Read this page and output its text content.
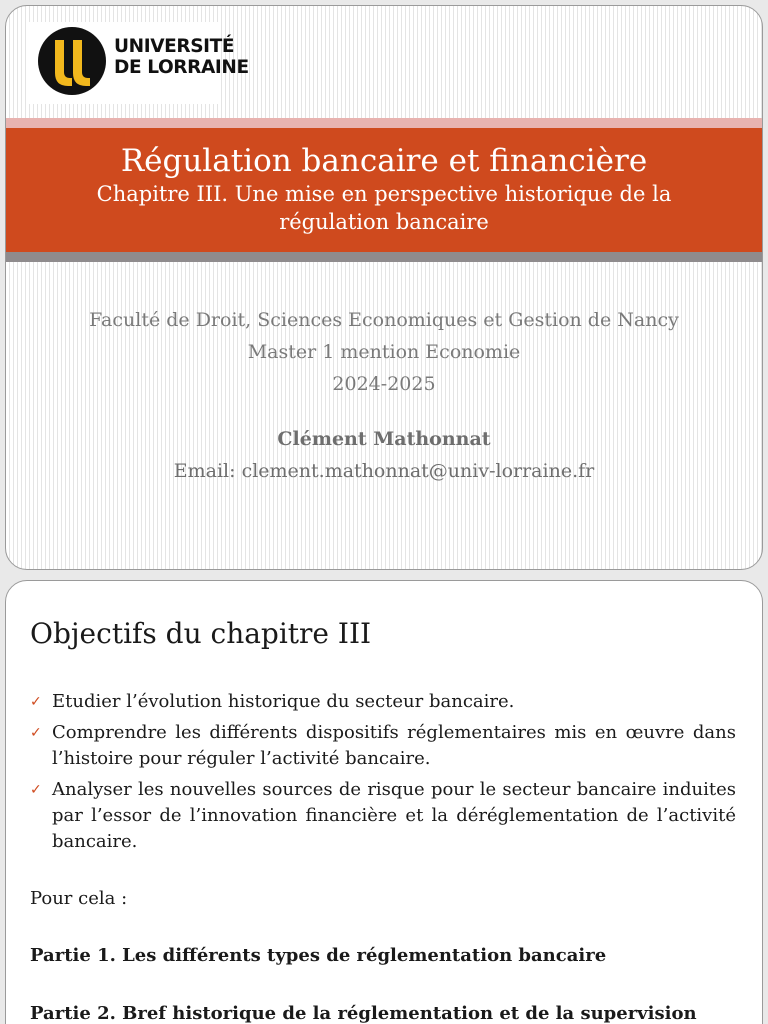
UNIVERSITÉ
DE LORRAINE
Régulation bancaire et financière

Chapitre III. Une mise en perspective historique de la régulation bancaire

Faculté de Droit, Sciences Economiques et Gestion de Nancy
Master 1 mention Economie
2024-2025
Clément Mathonnat
Email: clement.mathonnat@univ-lorraine.fr
Objectifs du chapitre III
✓ Etudier l’évolution historique du secteur bancaire.
✓ Comprendre les différents dispositifs réglementaires mis en œuvre dans l’histoire pour réguler l’activité bancaire.
✓ Analyser les nouvelles sources de risque pour le secteur bancaire induites par l’essor de l’innovation financière et la déréglementation de l’activité bancaire.
Pour cela :
Partie 1. Les différents types de réglementation bancaire
Partie 2. Bref historique de la réglementation et de la supervision
